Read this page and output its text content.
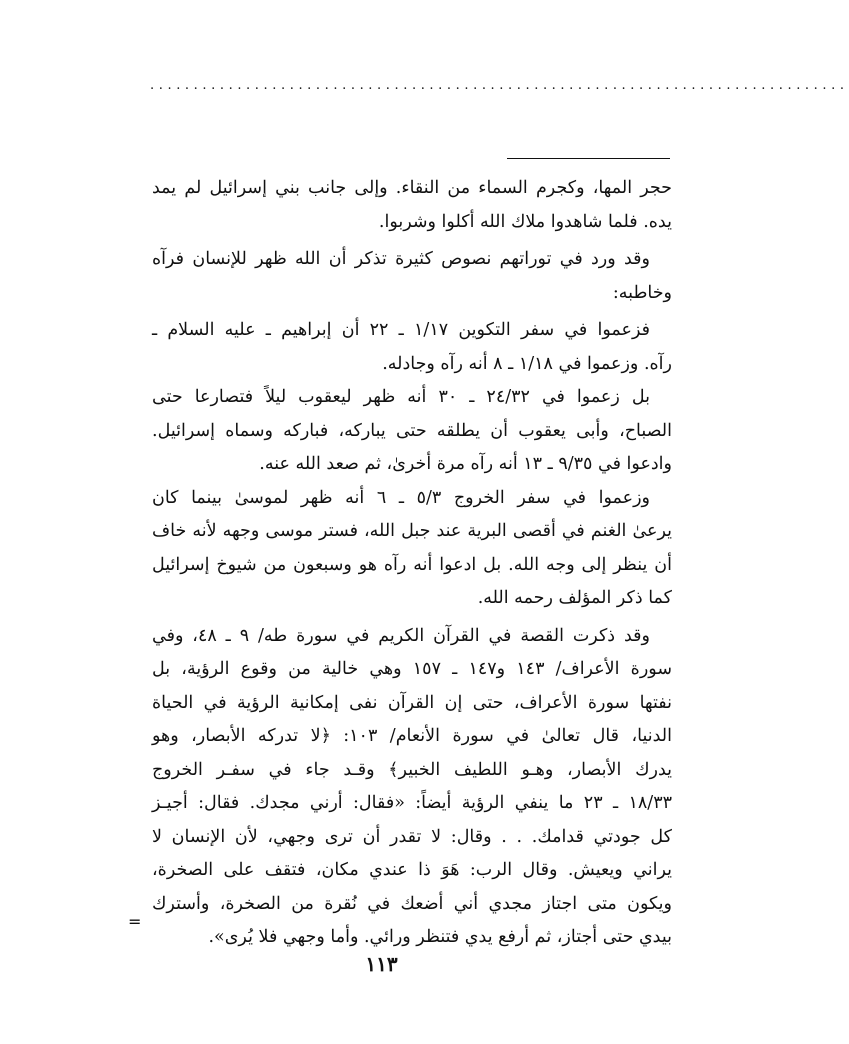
................................................................................
حجر المها، وكجرم السماء من النقاء. وإلى جانب بني إسرائيل لم يمد
يده. فلما شاهدوا ملاك الله أكلوا وشربوا.
وقد ورد في توراتهم نصوص كثيرة تذكر أن الله ظهر للإنسان فرآه
وخاطبه:
فزعموا في سفر التكوين ١/١٧ ـ ٢٢ أن إبراهيم ـ عليه السلام ـ
رآه. وزعموا في ١/١٨ ـ ٨ أنه رآه وجادله.
بل زعموا في ٢٤/٣٢ ـ ٣٠ أنه ظهر ليعقوب ليلاً فتصارعا حتى
الصباح، وأبى يعقوب أن يطلقه حتى يباركه، فباركه وسماه إسرائيل.
وادعوا في ٩/٣٥ ـ ١٣ أنه رآه مرة أخرىٰ، ثم صعد الله عنه.
وزعموا في سفر الخروج ٥/٣ ـ ٦ أنه ظهر لموسىٰ بينما كان
يرعىٰ الغنم في أقصى البرية عند جبل الله، فستر موسى وجهه لأنه خاف
أن ينظر إلى وجه الله. بل ادعوا أنه رآه هو وسبعون من شيوخ إسرائيل
كما ذكر المؤلف رحمه الله.
وقد ذكرت القصة في القرآن الكريم في سورة طه/ ٩ ـ ٤٨، وفي
سورة الأعراف/ ١٤٣ و١٤٧ ـ ١٥٧ وهي خالية من وقوع الرؤية، بل
نفتها سورة الأعراف، حتى إن القرآن نفى إمكانية الرؤية في الحياة
الدنيا، قال تعالىٰ في سورة الأنعام/ ١٠٣: ﴿لا تدركه الأبصار، وهو
يدرك الأبصار، وهـو اللطيف الخبير﴾ وقـد جاء في سفـر الخروج
١٨/٣٣ ـ ٢٣ ما ينفي الرؤية أيضاً: «فقال: أرني مجدك. فقال: أجيـز
كل جودتي قدامك. . . وقال: لا تقدر أن ترى وجهي، لأن الإنسان لا
يراني ويعيش. وقال الرب: هَوَ ذا عندي مكان، فتقف على الصخرة،
ويكون متى اجتاز مجدي أني أضعك في نُقرة من الصخرة، وأسترك
بيدي حتى أجتاز، ثم أرفع يدي فتنظر ورائي. وأما وجهي فلا يُرى».
=
١١٣
